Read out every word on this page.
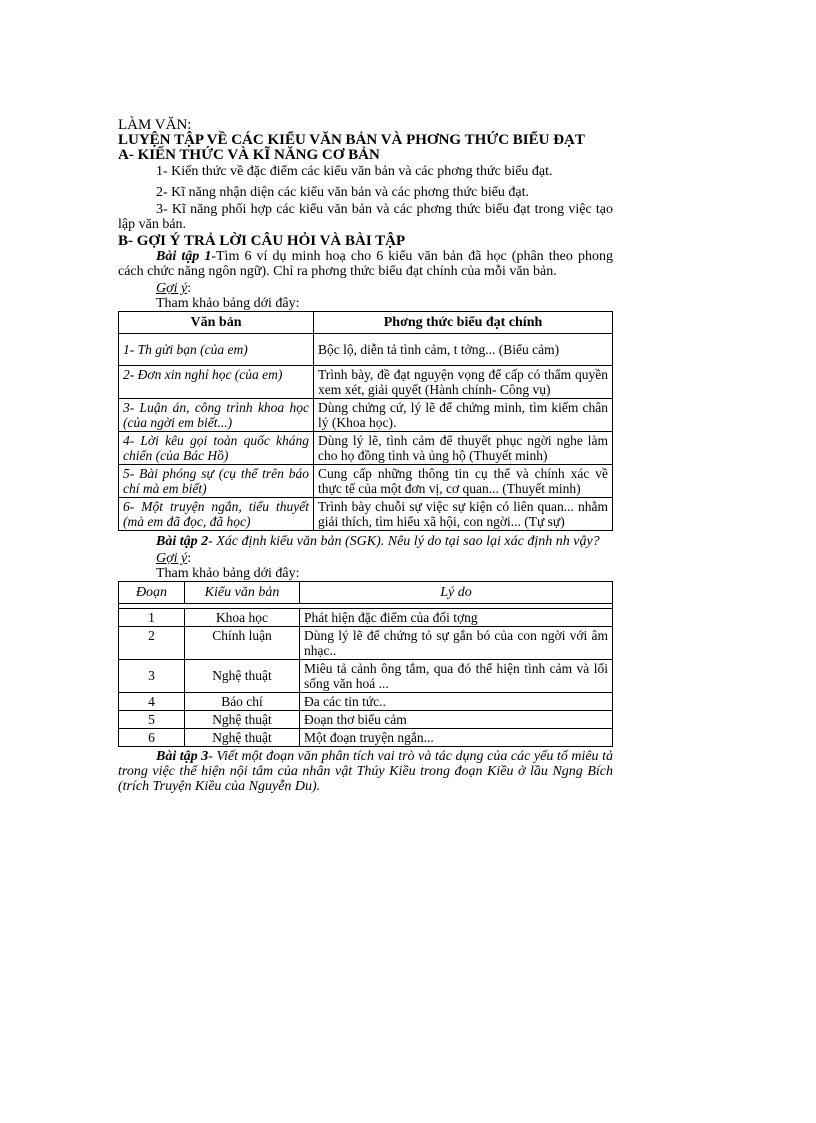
LÀM VĂN:
LUYỆN TẬP VỀ CÁC KIỂU VĂN BẢN VÀ PHƠNG THỨC BIỂU ĐẠT
A- KIẾN THỨC VÀ KĨ NĂNG CƠ BẢN
1- Kiến thức về đặc điểm các kiểu văn bản và các phơng thức biểu đạt.
2- Kĩ năng nhận diện các kiểu văn bản và các phơng thức biểu đạt.
3- Kĩ năng phối hợp các kiểu văn bản và các phơng thức biểu đạt trong việc tạo lập văn bản.
B- GỢI Ý TRẢ LỜI CÂU HỎI VÀ BÀI TẬP
Bài tập 1-Tìm 6 ví dụ minh hoạ cho 6 kiểu văn bản đã học (phân theo phong cách chức năng ngôn ngữ). Chỉ ra phơng thức biểu đạt chính của mỗi văn bản.
Gợi ý:
Tham khảo bảng dới đây:
Văn bản	Phơng thức biểu đạt chính
1- Th gửi bạn (của em)	Bộc lộ, diễn tả tình cảm, t tởng... (Biểu cảm)
2- Đơn xin nghỉ học (của em)	Trình bày, đề đạt nguyện vọng để cấp có thẩm quyền xem xét, giải quyết (Hành chính- Công vụ)
3- Luận án, công trình khoa học (của ngời em biết...)	Dùng chứng cứ, lý lẽ để chứng minh, tìm kiếm chân lý (Khoa học).
4- Lời kêu gọi toàn quốc kháng chiến (của Bác Hồ)	Dùng lý lẽ, tình cảm để thuyết phục ngời nghe làm cho họ đồng tình và ủng hộ (Thuyết minh)
5- Bài phóng sự (cụ thể trên báo chí mà em biết)	Cung cấp những thông tin cụ thể và chính xác về thực tế của một đơn vị, cơ quan... (Thuyết minh)
6- Một truyện ngắn, tiểu thuyết (mà em đã đọc, đã học)	Trình bày chuỗi sự việc sự kiện có liên quan... nhằm giải thích, tìm hiểu xã hội, con ngời... (Tự sự)
Bài tập 2- Xác định kiểu văn bản (SGK). Nêu lý do tại sao lại xác định nh vậy?
Gợi ý:
Tham khảo bảng dới đây:
Đoạn	Kiểu văn bản	Lý do

1	Khoa học	Phát hiện đặc điểm của đối tợng
2	Chính luận	Dùng lý lẽ để chứng tỏ sự gắn bó của con ngời với âm nhạc..
3	Nghệ thuật	Miêu tả cảnh ông tắm, qua đó thể hiện tình cảm và lối sống văn hoá ...
4	Báo chí	Đa các tin tức..
5	Nghệ thuật	Đoạn thơ biểu cảm
6	Nghệ thuật	Một đoạn truyện ngắn...
Bài tập 3- Viết một đoạn văn phân tích vai trò và tác dụng của các yếu tố miêu tả trong việc thể hiện nội tâm của nhân vật Thúy Kiều trong đoạn Kiều ở lầu Ngng Bích (trích Truyện Kiều của Nguyễn Du).
